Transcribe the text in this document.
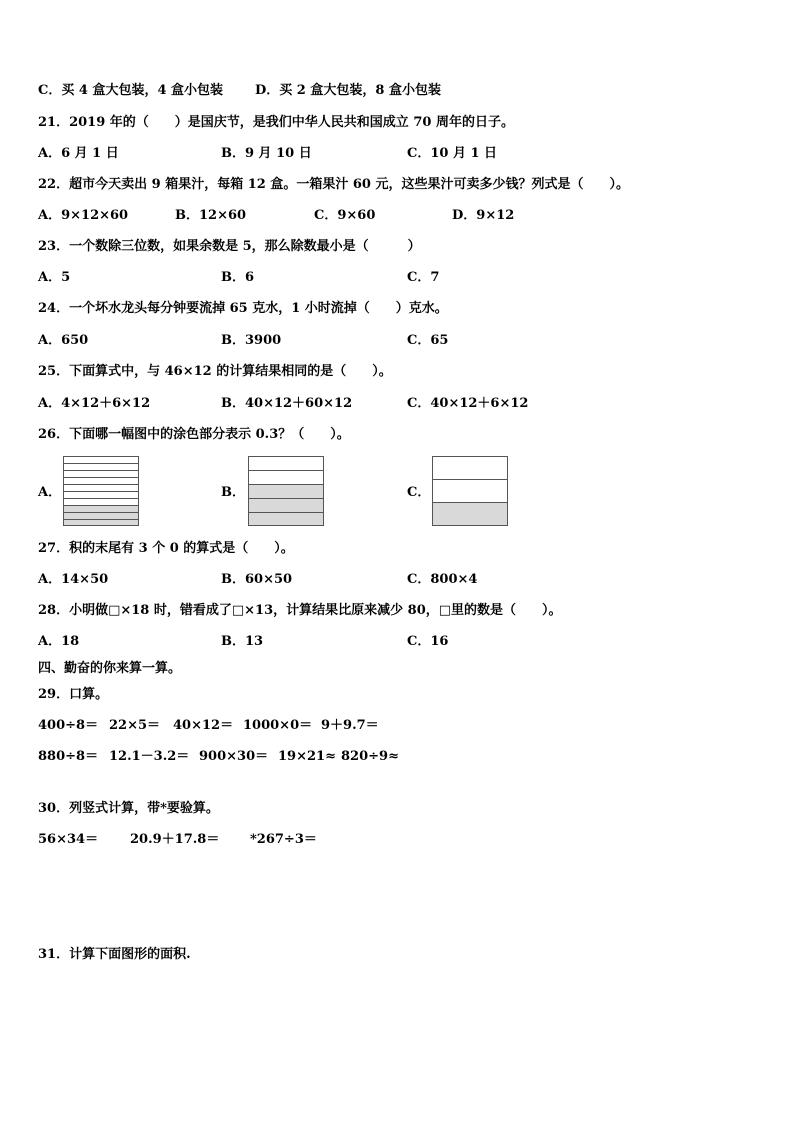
C．买 4 盒大包装，4 盒小包装 D．买 2 盒大包装，8 盒小包装
21．2019 年的（　　）是国庆节，是我们中华人民共和国成立 70 周年的日子。
A．6 月 1 日	B．9 月 10 日	C．10 月 1 日
22．超市今天卖出 9 箱果汁，每箱 12 盒。一箱果汁 60 元，这些果汁可卖多少钱？列式是（　　）。
A．9×12×60	B．12×60	C．9×60	D．9×12
23．一个数除三位数，如果余数是 5，那么除数最小是（　　　）
A．5	B．6	C．7
24．一个坏水龙头每分钟要流掉 65 克水，1 小时流掉（　　）克水。
A．650	B．3900	C．65
25．下面算式中，与 46×12 的计算结果相同的是（　　）。
A．4×12＋6×12	B．40×12＋60×12	C．40×12＋6×12
26．下面哪一幅图中的涂色部分表示 0.3？（　　）。
A．	B．	C．
27．积的末尾有 3 个 0 的算式是（　　）。
A．14×50	B．60×50	C．800×4
28．小明做□×18 时，错看成了□×13，计算结果比原来减少 80，□里的数是（　　）。
A．18	B．13	C．16
四、勤奋的你来算一算。
29．口算。
400÷8＝ 22×5＝ 40×12＝ 1000×0＝ 9＋9.7＝
880÷8＝ 12.1－3.2＝ 900×30＝ 19×21≈ 820÷9≈
30．列竖式计算，带*要验算。
56×34＝ 20.9＋17.8＝ *267÷3＝
31．计算下面图形的面积.
